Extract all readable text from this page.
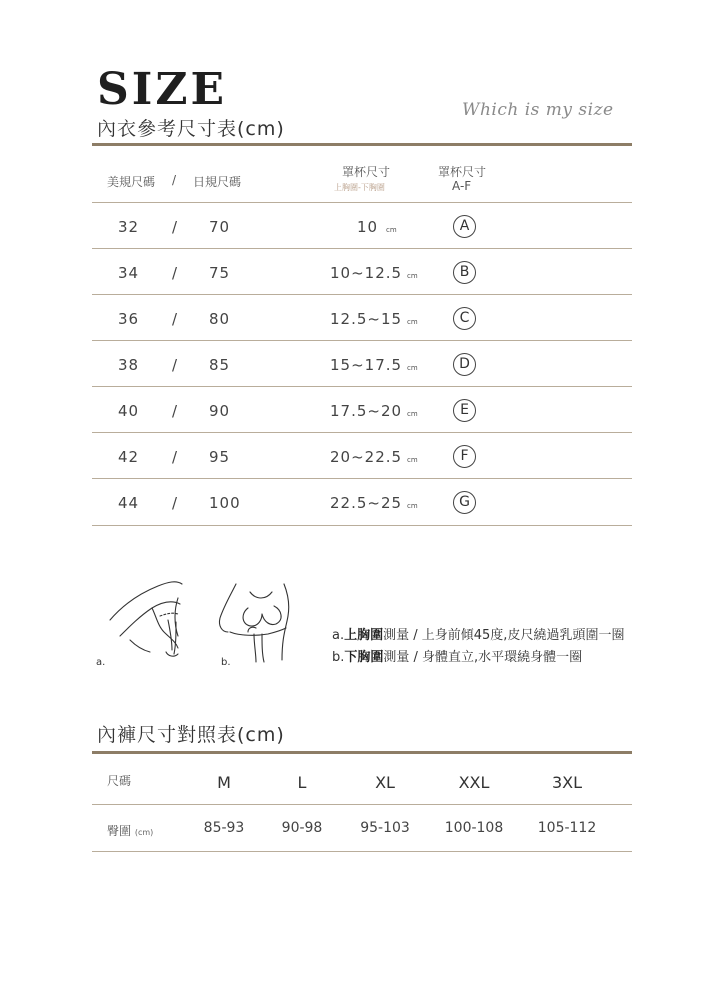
SIZE
內衣參考尺寸表(cm)
Which is my size
美規尺碼 / 日規尺碼
罩杯尺寸
上胸圍-下胸圍
罩杯尺寸
A-F
32 / 70	10 cm	A
34 / 75	10~12.5 cm	B
36 / 80	12.5~15 cm	C
38 / 85	15~17.5 cm	D
40 / 90	17.5~20 cm	E
42 / 95	20~22.5 cm	F
44 / 100	22.5~25 cm	G
a.	b.
a.上胸圍測量 / 上身前傾45度,皮尺繞過乳頭圍一圈
b.下胸圍測量 / 身體直立,水平環繞身體一圈
內褲尺寸對照表(cm)
尺碼	M	L	XL	XXL	3XL
臀圍 (cm)	85-93	90-98	95-103	100-108	105-112
